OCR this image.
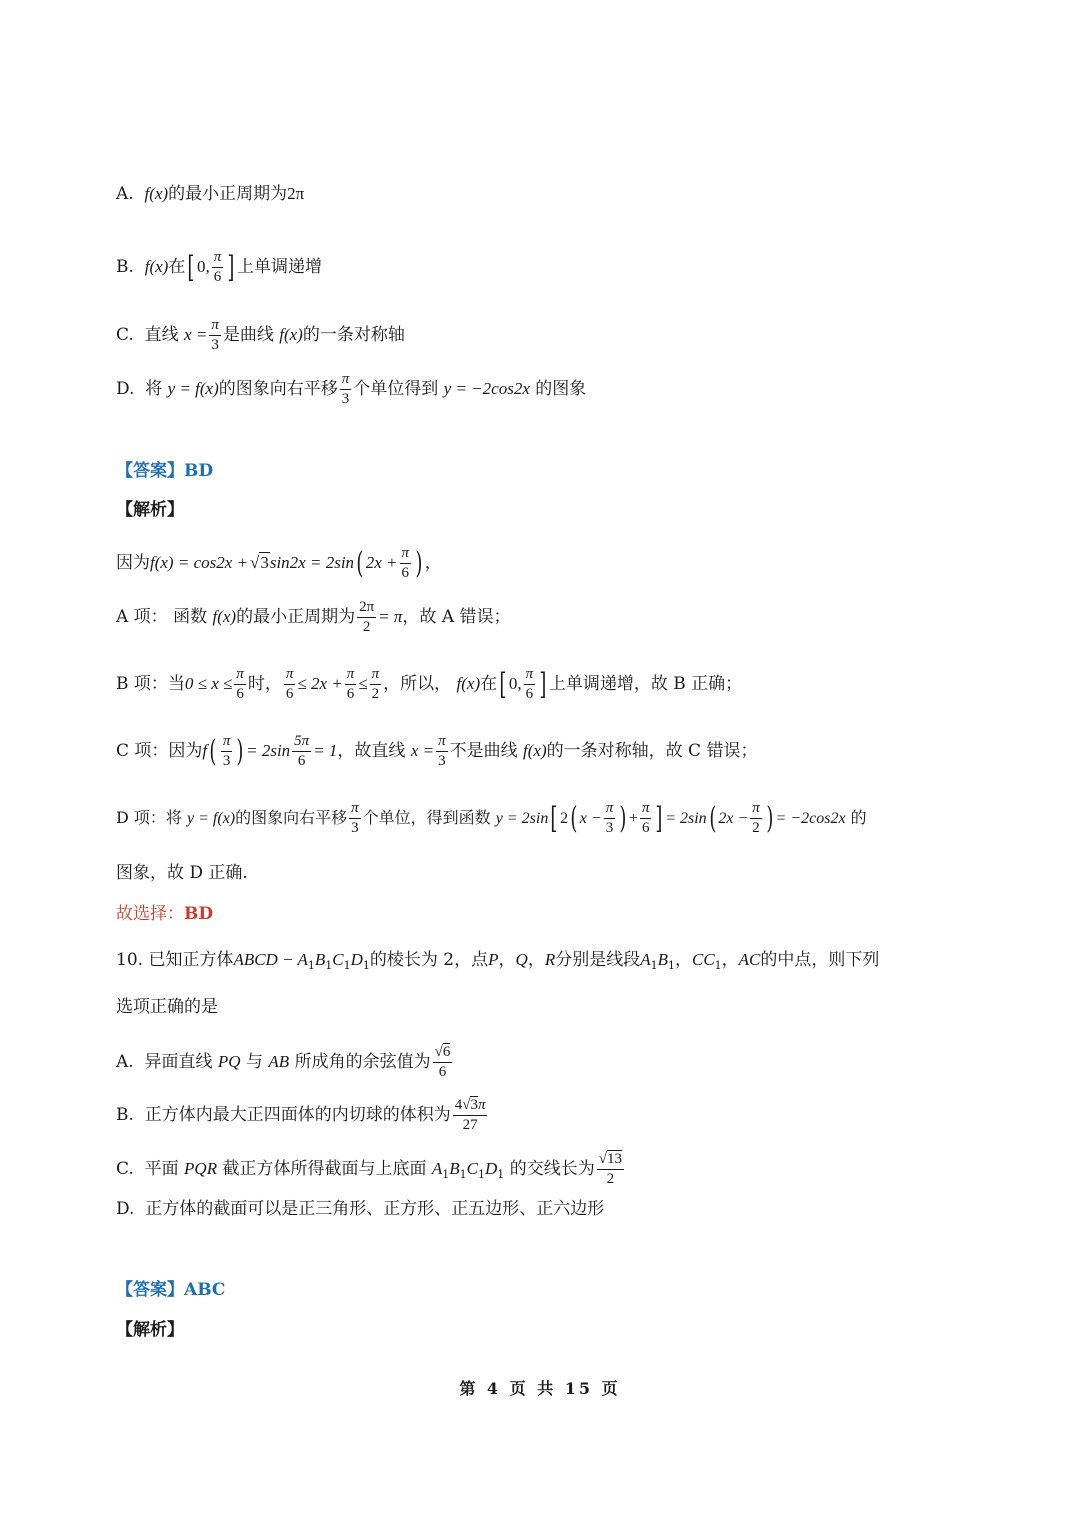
A. f(x)的最小正周期为2π
B. f(x)在[ 0, $\frac{\pi}{6}$ ] 上单调递增
C. 直线 $x = \frac{\pi}{3}$ 是曲线 f(x)的一条对称轴
D. 将 y = f(x)的图象向右平移 $\frac{\pi}{3}$ 个单位得到 y = −2cos2x 的图象
【答案】BD
【解析】
因为f(x) = cos2x + √3sin2x = 2sin( $2x + \frac{\pi}{6}$ ) ，
A 项： 函数 f(x)的最小正周期为 $\frac{2\pi}{2} = \pi$，故 A 错误；
B 项：当$0 \le x \le \frac{\pi}{6}$ 时， $\frac{\pi}{6} \le 2x + \frac{\pi}{6} \le \frac{\pi}{2}$ ，所以， f(x)在[ 0, $\frac{\pi}{6}$ ] 上单调递增，故 B 正确；
C 项：因为$f( \frac{\pi}{3}$ ) = $2\sin \frac{5\pi}{6} = 1$，故直线 $x = \frac{\pi}{3}$ 不是曲线 f(x)的一条对称轴，故 C 错误；
D 项：将 y = f(x)的图象向右平移 $\frac{\pi}{3}$ 个单位，得到函数 y = 2sin[ 2( $x - \frac{\pi}{3}$ ) + $\frac{\pi}{6}$ ] = 2sin( $2x - \frac{\pi}{2}$ ) = −2cos2x 的
图象，故 D 正确.
故选择：BD
10. 已知正方体ABCD − $A_1B_1C_1D_1$的棱长为 2，点P，Q，R分别是线段$A_1B_1$，$CC_1$，AC的中点，则下列
选项正确的是
A. 异面直线 PQ 与 AB 所成角的余弦值为 $\frac{√6}{6}$
B. 正方体内最大正四面体的内切球的体积为 $\frac{4√3\pi}{27}$
C. 平面 PQR 截正方体所得截面与上底面 $A_1B_1C_1D_1$ 的交线长为 $\frac{√13}{2}$
D. 正方体的截面可以是正三角形、正方形、正五边形、正六边形
【答案】ABC
【解析】
第 4 页 共 15 页
